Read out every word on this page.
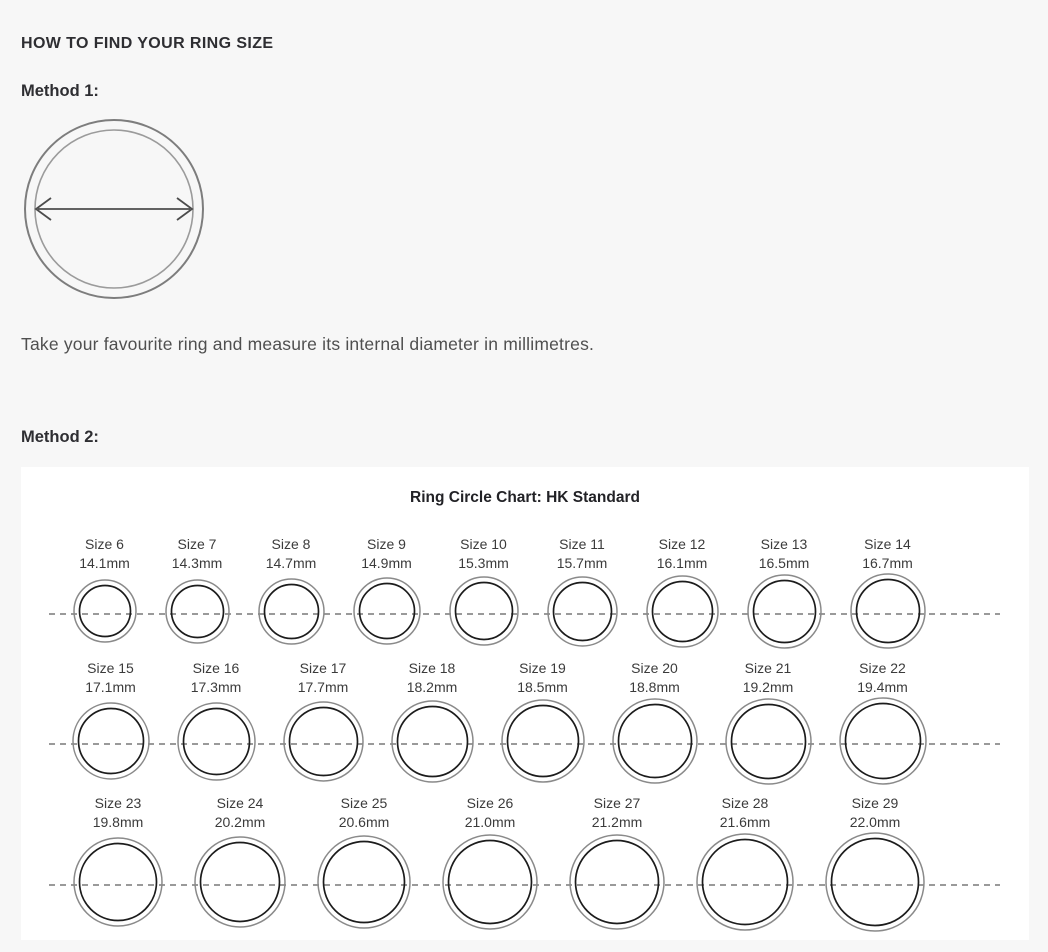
HOW TO FIND YOUR RING SIZE
Method 1:
Take your favourite ring and measure its internal diameter in millimetres.
Method 2:
Ring Circle Chart: HK Standard
Size 6
14.1mm
Size 7
14.3mm
Size 8
14.7mm
Size 9
14.9mm
Size 10
15.3mm
Size 11
15.7mm
Size 12
16.1mm
Size 13
16.5mm
Size 14
16.7mm
Size 15
17.1mm
Size 16
17.3mm
Size 17
17.7mm
Size 18
18.2mm
Size 19
18.5mm
Size 20
18.8mm
Size 21
19.2mm
Size 22
19.4mm
Size 23
19.8mm
Size 24
20.2mm
Size 25
20.6mm
Size 26
21.0mm
Size 27
21.2mm
Size 28
21.6mm
Size 29
22.0mm
